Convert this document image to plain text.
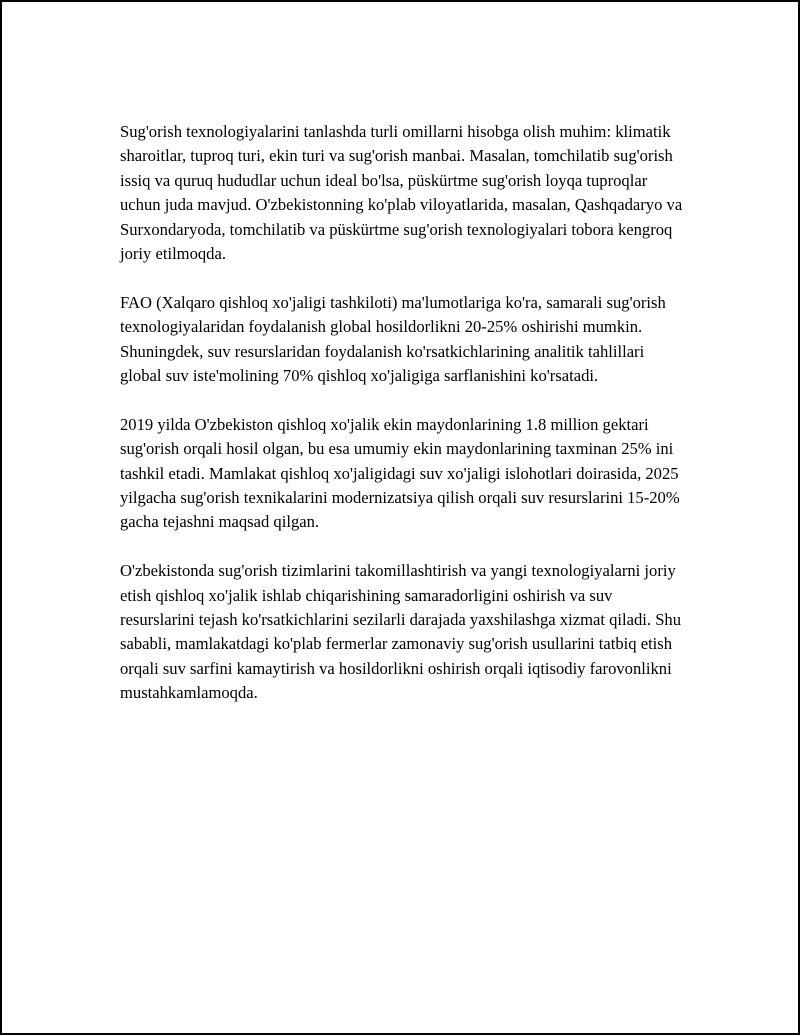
Sug'orish texnologiyalarini tanlashda turli omillarni hisobga olish muhim: klimatik sharoitlar, tuproq turi, ekin turi va sug'orish manbai. Masalan, tomchilatib sug'orish issiq va quruq hududlar uchun ideal bo'lsa, püskürtme sug'orish loyqa tuproqlar uchun juda mavjud. O'zbekistonning ko'plab viloyatlarida, masalan, Qashqadaryo va Surxondaryoda, tomchilatib va püskürtme sug'orish texnologiyalari tobora kengroq joriy etilmoqda.

FAO (Xalqaro qishloq xo'jaligi tashkiloti) ma'lumotlariga ko'ra, samarali sug'orish texnologiyalaridan foydalanish global hosildorlikni 20-25% oshirishi mumkin. Shuningdek, suv resurslaridan foydalanish ko'rsatkichlarining analitik tahlillari global suv iste'molining 70% qishloq xo'jaligiga sarflanishini ko'rsatadi.

2019 yilda O'zbekiston qishloq xo'jalik ekin maydonlarining 1.8 million gektari sug'orish orqali hosil olgan, bu esa umumiy ekin maydonlarining taxminan 25% ini tashkil etadi. Mamlakat qishloq xo'jaligidagi suv xo'jaligi islohotlari doirasida, 2025 yilgacha sug'orish texnikalarini modernizatsiya qilish orqali suv resurslarini 15-20% gacha tejashni maqsad qilgan.

O'zbekistonda sug'orish tizimlarini takomillashtirish va yangi texnologiyalarni joriy etish qishloq xo'jalik ishlab chiqarishining samaradorligini oshirish va suv resurslarini tejash ko'rsatkichlarini sezilarli darajada yaxshilashga xizmat qiladi. Shu sababli, mamlakatdagi ko'plab fermerlar zamonaviy sug'orish usullarini tatbiq etish orqali suv sarfini kamaytirish va hosildorlikni oshirish orqali iqtisodiy farovonlikni mustahkamlamoqda.
